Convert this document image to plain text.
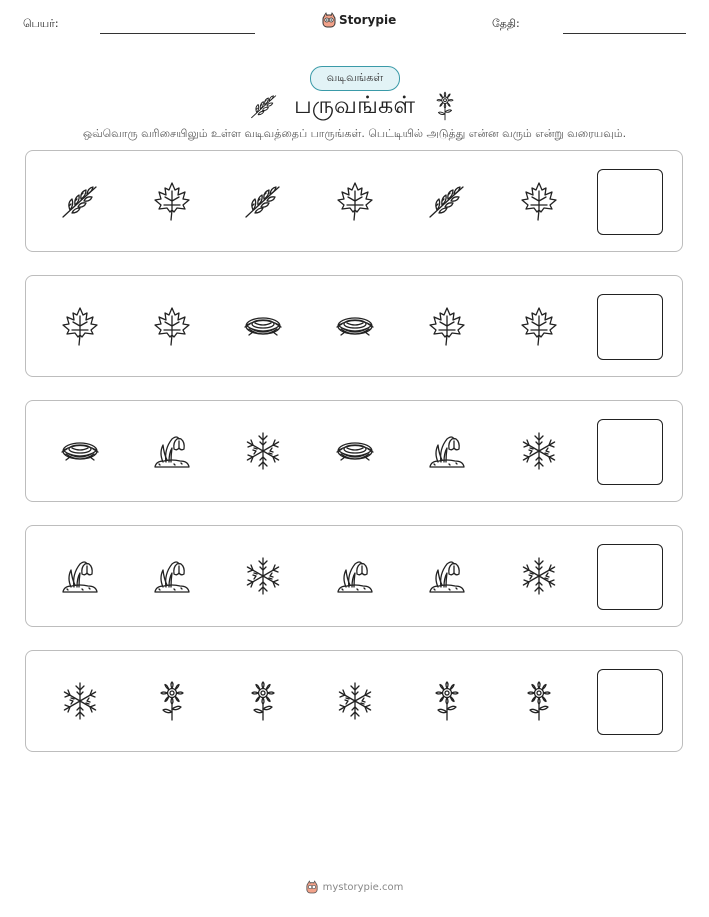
பெயர்:	Storypie	தேதி:
வடிவங்கள்
பருவங்கள்
ஒவ்வொரு வரிசையிலும் உள்ள வடிவத்தைப் பாருங்கள். பெட்டியில் அடுத்து என்ன வரும் என்று வரையவும்.
mystorypie.com
